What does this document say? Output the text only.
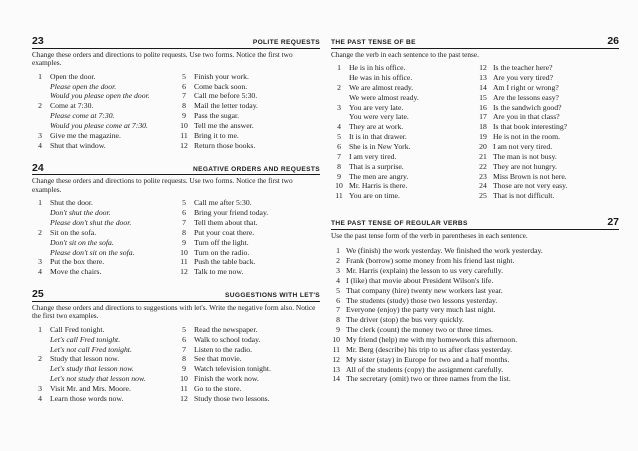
23	POLITE REQUESTS
Change these orders and directions to polite requests. Use two forms. Notice the first two examples.
1	Open the door.
Please open the door.
Would you please open the door.
2	Come at 7:30.
Please come at 7:30.
Would you please come at 7:30.
3	Give me the magazine.
4	Shut that window.
5	Finish your work.
6	Come back soon.
7	Call me before 5:30.
8	Mail the letter today.
9	Pass the sugar.
10 Tell me the answer.
11 Bring it to me.
12 Return those books.
24	NEGATIVE ORDERS AND REQUESTS
Change these orders and directions to polite requests. Use two forms. Notice the first two examples.
1	Shut the door.
Don't shut the door.
Please don't shut the door.
2	Sit on the sofa.
Don't sit on the sofa.
Please don't sit on the sofa.
3	Put the box there.
4	Move the chairs.
5	Call me after 5:30.
6	Bring your friend today.
7	Tell them about that.
8	Put your coat there.
9	Turn off the light.
10 Turn on the radio.
11 Push the table back.
12 Talk to me now.
25	SUGGESTIONS WITH LET'S
Change these orders and directions to suggestions with let's. Write the negative form also. Notice the first two examples.
1	Call Fred tonight.
Let's call Fred tonight.
Let's not call Fred tonight.
2	Study that lesson now.
Let's study that lesson now.
Let's not study that lesson now.
3	Visit Mr. and Mrs. Moore.
4	Learn those words now.
5	Read the newspaper.
6	Walk to school today.
7	Listen to the radio.
8	See that movie.
9	Watch television tonight.
10 Finish the work now.
11 Go to the store.
12 Study those two lessons.
THE PAST TENSE OF BE	26
Change the verb in each sentence to the past tense.
1	He is in his office.
He was in his office.
2	We are almost ready.
We were almost ready.
3	You are very late.
You were very late.
4	They are at work.
5	It is in that drawer.
6	She is in New York.
7	I am very tired.
8	That is a surprise.
9	The men are angry.
10 Mr. Harris is there.
11 You are on time.
12 Is the teacher here?
13 Are you very tired?
14 Am I right or wrong?
15 Are the lessons easy?
16 Is the sandwich good?
17 Are you in that class?
18 Is that book interesting?
19 He is not in the room.
20 I am not very tired.
21 The man is not busy.
22 They are not hungry.
23 Miss Brown is not here.
24 Those are not very easy.
25 That is not difficult.
THE PAST TENSE OF REGULAR VERBS	27
Use the past tense form of the verb in parentheses in each sentence.
1 We (finish) the work yesterday. We finished the work yesterday.
2 Frank (borrow) some money from his friend last night.
3 Mr. Harris (explain) the lesson to us very carefully.
4 I (like) that movie about President Wilson's life.
5 That company (hire) twenty new workers last year.
6 The students (study) those two lessons yesterday.
7 Everyone (enjoy) the party very much last night.
8 The driver (stop) the bus very quickly.
9 The clerk (count) the money two or three times.
10 My friend (help) me with my homework this afternoon.
11 Mr. Berg (describe) his trip to us after class yesterday.
12 My sister (stay) in Europe for two and a half months.
13 All of the students (copy) the assignment carefully.
14 The secretary (omit) two or three names from the list.
